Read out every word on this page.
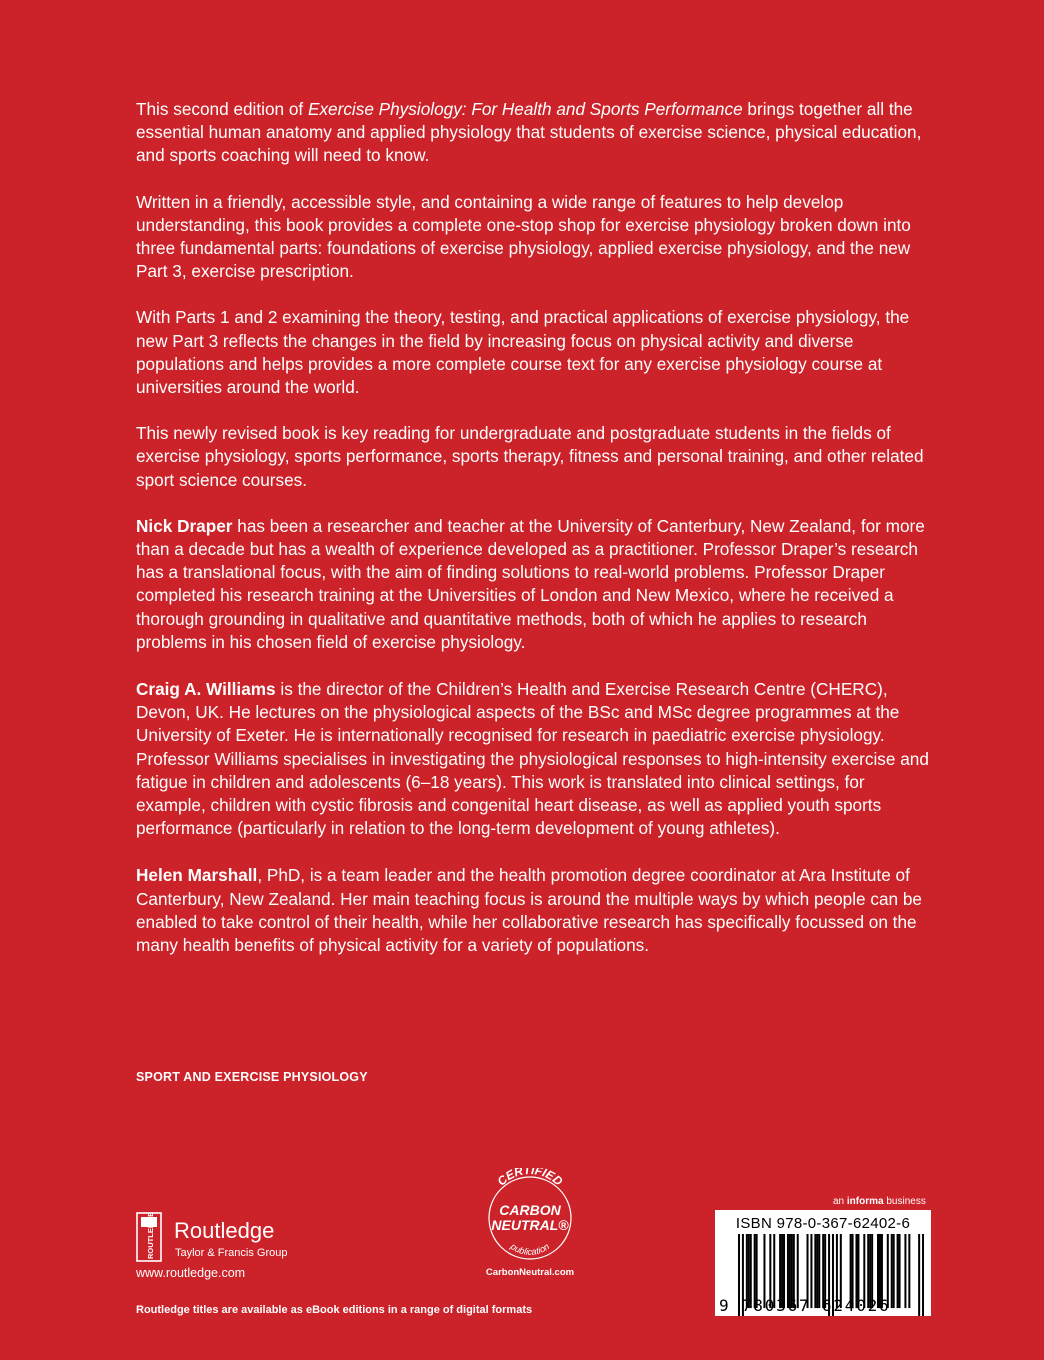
This second edition of Exercise Physiology: For Health and Sports Performance brings together all the essential human anatomy and applied physiology that students of exercise science, physical education, and sports coaching will need to know.

Written in a friendly, accessible style, and containing a wide range of features to help develop understanding, this book provides a complete one-stop shop for exercise physiology broken down into three fundamental parts: foundations of exercise physiology, applied exercise physiology, and the new Part 3, exercise prescription.

With Parts 1 and 2 examining the theory, testing, and practical applications of exercise physiology, the new Part 3 reflects the changes in the field by increasing focus on physical activity and diverse populations and helps provides a more complete course text for any exercise physiology course at universities around the world.

This newly revised book is key reading for undergraduate and postgraduate students in the fields of exercise physiology, sports performance, sports therapy, fitness and personal training, and other related sport science courses.

Nick Draper has been a researcher and teacher at the University of Canterbury, New Zealand, for more than a decade but has a wealth of experience developed as a practitioner. Professor Draper’s research has a translational focus, with the aim of finding solutions to real-world problems. Professor Draper completed his research training at the Universities of London and New Mexico, where he received a thorough grounding in qualitative and quantitative methods, both of which he applies to research problems in his chosen field of exercise physiology.

Craig A. Williams is the director of the Children’s Health and Exercise Research Centre (CHERC), Devon, UK. He lectures on the physiological aspects of the BSc and MSc degree programmes at the University of Exeter. He is internationally recognised for research in paediatric exercise physiology. Professor Williams specialises in investigating the physiological responses to high-intensity exercise and fatigue in children and adolescents (6–18 years). This work is translated into clinical settings, for example, children with cystic fibrosis and congenital heart disease, as well as applied youth sports performance (particularly in relation to the long-term development of young athletes).

Helen Marshall, PhD, is a team leader and the health promotion degree coordinator at Ara Institute of Canterbury, New Zealand. Her main teaching focus is around the multiple ways by which people can be enabled to take control of their health, while her collaborative research has specifically focussed on the many health benefits of physical activity for a variety of populations.

SPORT AND EXERCISE PHYSIOLOGY
ROUTLEDGE Routledge
Taylor & Francis Group
www.routledge.com
Routledge titles are available as eBook editions in a range of digital formats
CERTIFIED
CARBON
NEUTRAL®
publication
CarbonNeutral.com
an informa business
ISBN 978-0-367-62402-6
9 780367 624026
